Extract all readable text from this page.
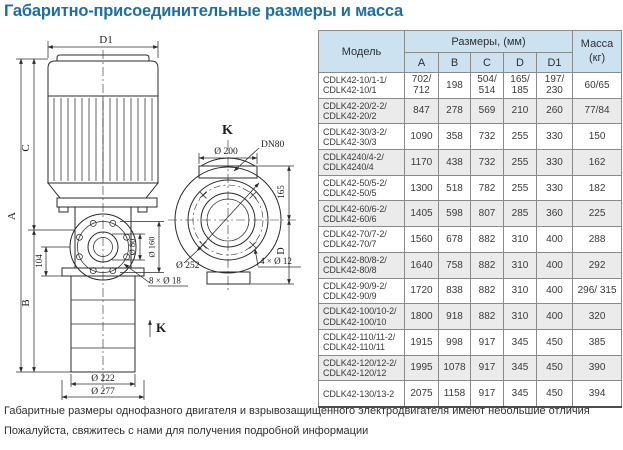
Габаритно-присоединительные размеры и масса
D1
A
C
B
104
Ø 80 Ø 160
8 × Ø 18
K
Ø 222
Ø 277
K
Ø 200
DN80
Ø 252
165
D
4 × Ø 12
Модель	Размеры, (мм)					Масса
(кг)

	A	B	C	D	D1	
CDLK42-10/1-1/ CDLK42-10/1	702/ 712	198	504/ 514	165/ 185	197/ 230	60/65
CDLK42-20/2-2/ CDLK42-20/2	847	278	569	210	260	77/84
CDLK42-30/3-2/ CDLK42-30/3	1090	358	732	255	330	150
CDLK4240/4-2/ CDLK4240/4	1170	438	732	255	330	162
CDLK42-50/5-2/ CDLK42-50/5	1300	518	782	255	330	182
CDLK42-60/6-2/ CDLK42-60/6	1405	598	807	285	360	225
CDLK42-70/7-2/ CDLK42-70/7	1560	678	882	310	400	288
CDLK42-80/8-2/ CDLK42-80/8	1640	758	882	310	400	292
CDLK42-90/9-2/ CDLK42-90/9	1720	838	882	310	400	296/ 315
CDLK42-100/10-2/ CDLK42-100/10	1800	918	882	310	400	320
CDLK42-110/11-2/ CDLK42-110/11	1915	998	917	345	450	385
CDLK42-120/12-2/ CDLK42-120/12	1995	1078	917	345	450	390
CDLK42-130/13-2	2075	1158	917	345	450	394
Габаритные размеры однофазного двигателя и взрывозащищенного электродвигателя имеют небольшие отличия
Пожалуйста, свяжитесь с нами для получения подробной информации
